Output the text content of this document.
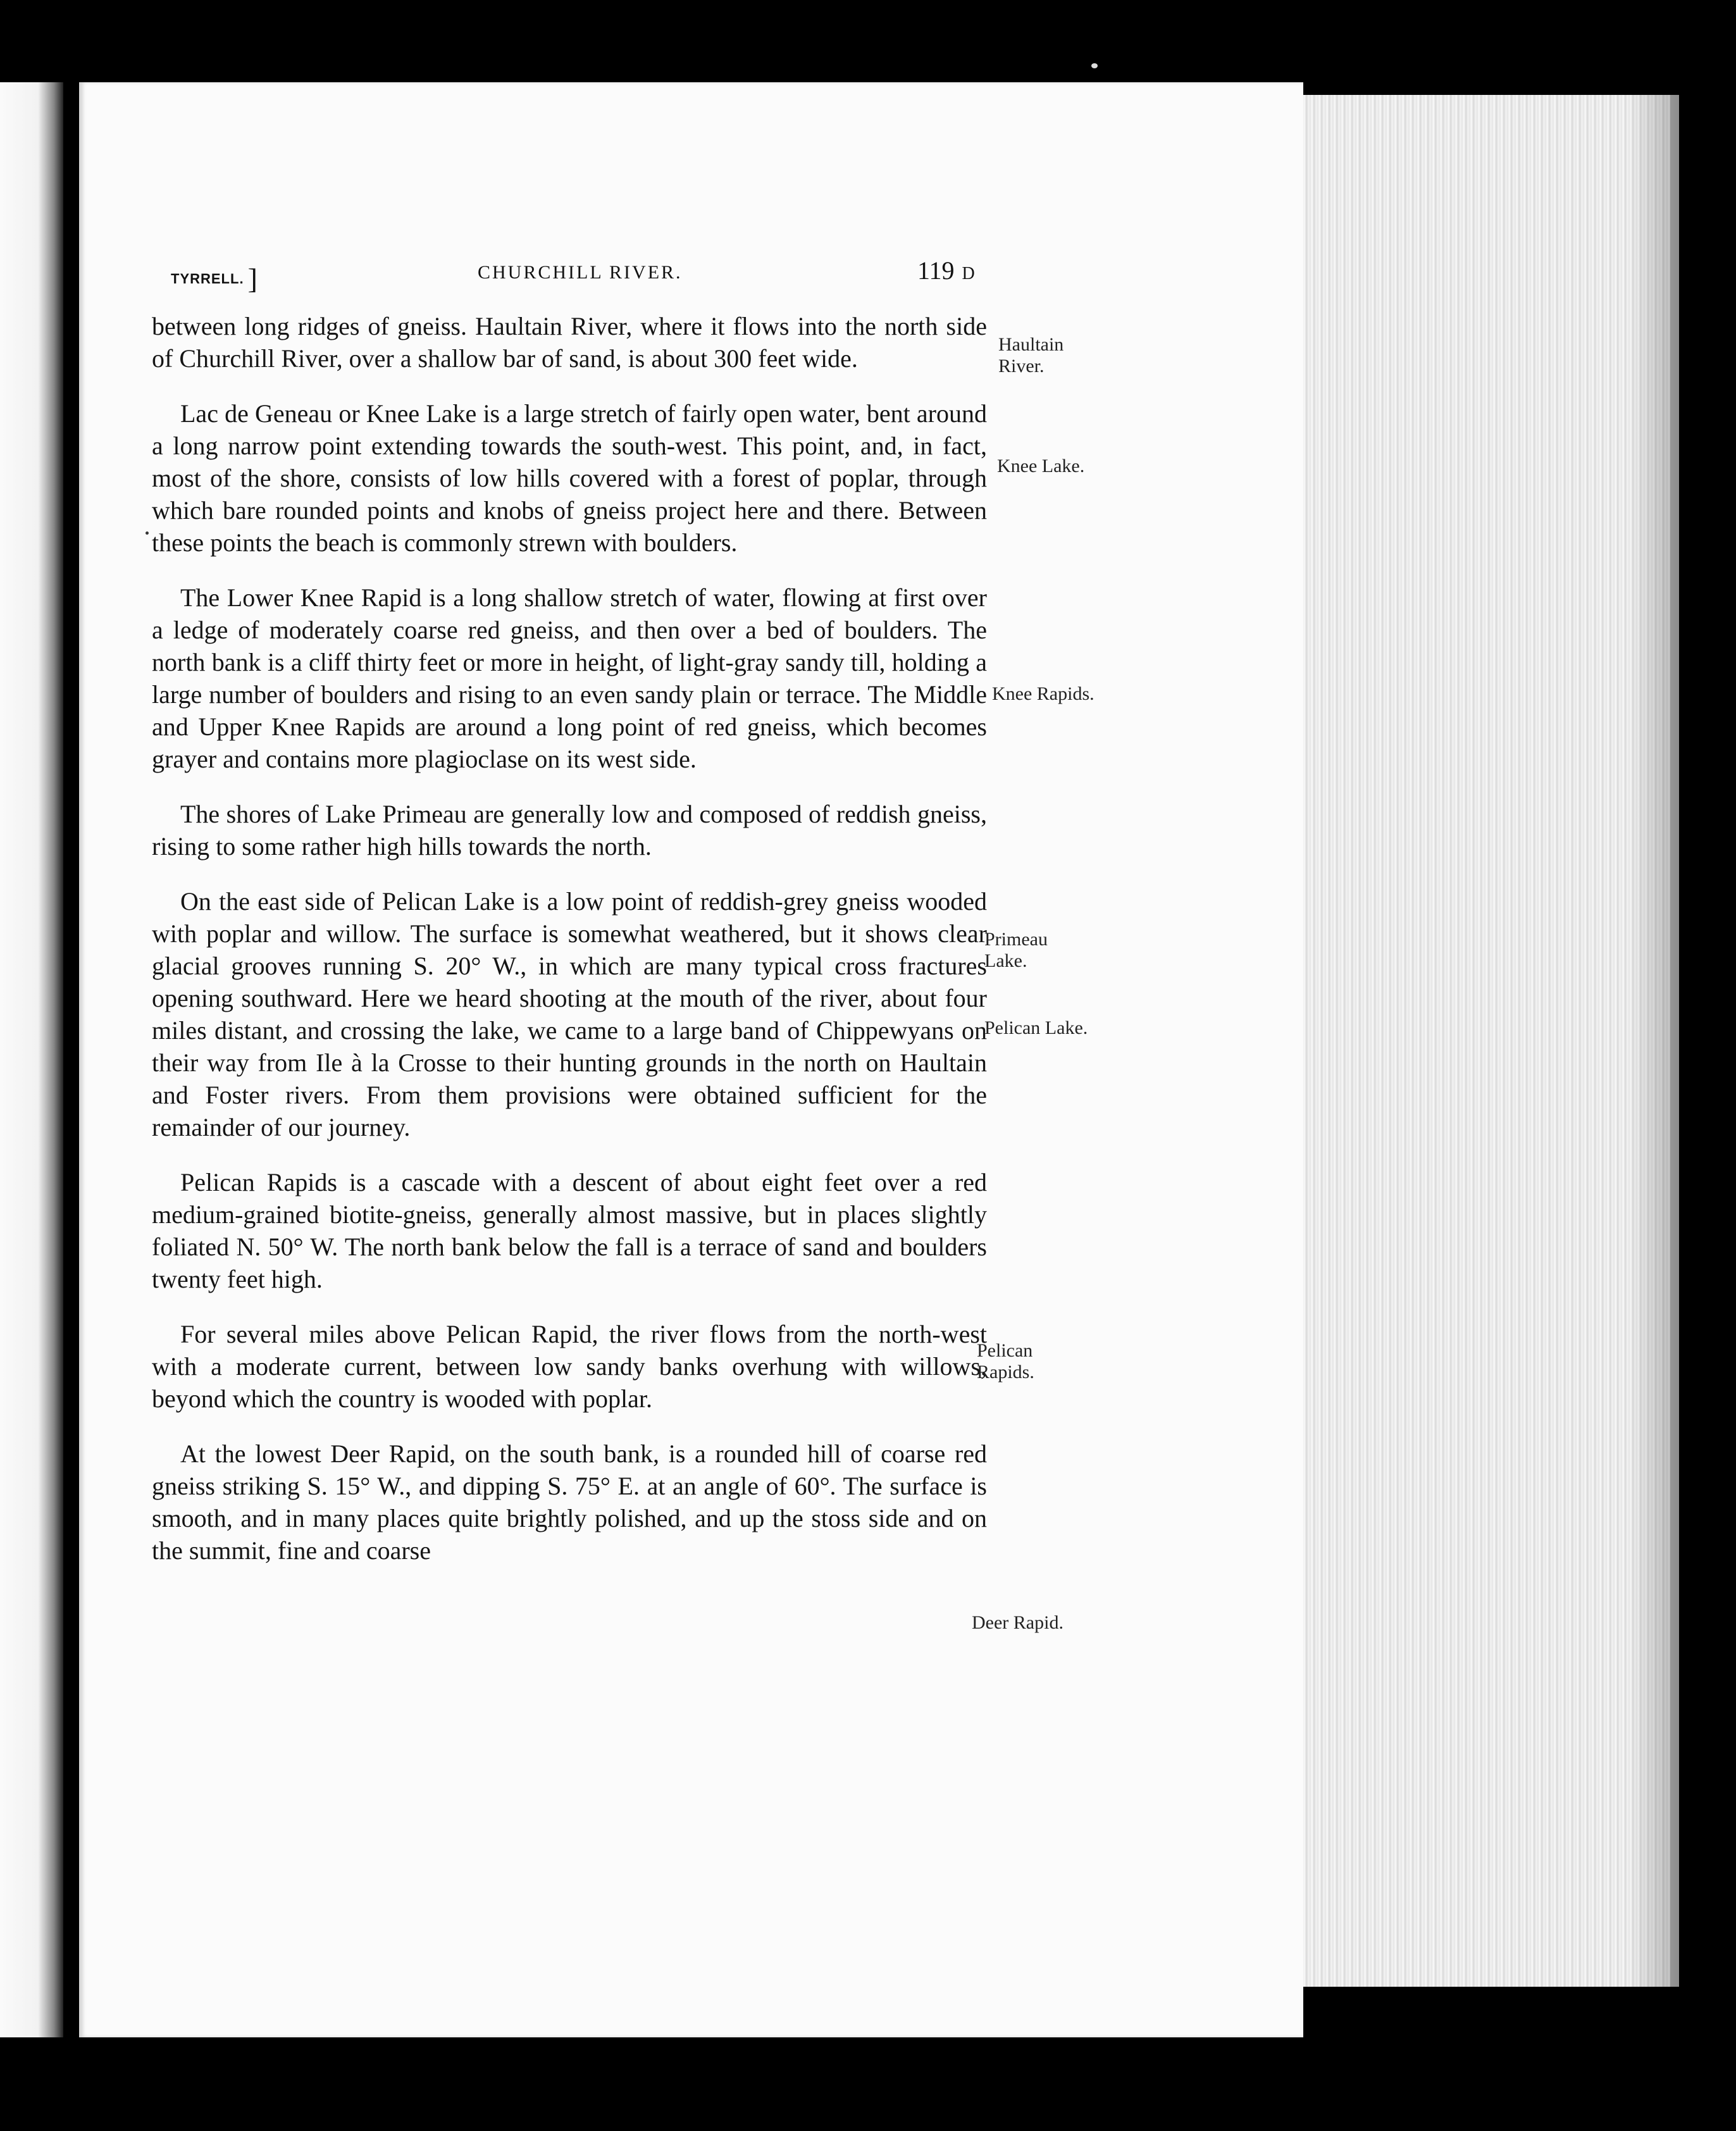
TYRRELL. ]	CHURCHILL RIVER.	119 D

between long ridges of gneiss. Haultain River, where it flows into the north side of Churchill River, over a shallow bar of sand, is about 300 feet wide.

Lac de Geneau or Knee Lake is a large stretch of fairly open water, bent around a long narrow point extending towards the south-west. This point, and, in fact, most of the shore, consists of low hills covered with a forest of poplar, through which bare rounded points and knobs of gneiss project here and there. Between these points the beach is commonly strewn with boulders.

The Lower Knee Rapid is a long shallow stretch of water, flowing at first over a ledge of moderately coarse red gneiss, and then over a bed of boulders. The north bank is a cliff thirty feet or more in height, of light-gray sandy till, holding a large number of boulders and rising to an even sandy plain or terrace. The Middle and Upper Knee Rapids are around a long point of red gneiss, which becomes grayer and contains more plagioclase on its west side.

The shores of Lake Primeau are generally low and composed of reddish gneiss, rising to some rather high hills towards the north.

On the east side of Pelican Lake is a low point of reddish-grey gneiss wooded with poplar and willow. The surface is somewhat weathered, but it shows clear glacial grooves running S. 20° W., in which are many typical cross fractures opening southward. Here we heard shooting at the mouth of the river, about four miles distant, and crossing the lake, we came to a large band of Chippewyans on their way from Ile à la Crosse to their hunting grounds in the north on Haultain and Foster rivers. From them provisions were obtained sufficient for the remainder of our journey.

Pelican Rapids is a cascade with a descent of about eight feet over a red medium-grained biotite-gneiss, generally almost massive, but in places slightly foliated N. 50° W. The north bank below the fall is a terrace of sand and boulders twenty feet high.

For several miles above Pelican Rapid, the river flows from the north-west with a moderate current, between low sandy banks overhung with willows, beyond which the country is wooded with poplar.

At the lowest Deer Rapid, on the south bank, is a rounded hill of coarse red gneiss striking S. 15° W., and dipping S. 75° E. at an angle of 60°. The surface is smooth, and in many places quite brightly polished, and up the stoss side and on the summit, fine and coarse

Haultain River.
Knee Lake.
Knee Rapids.
Primeau Lake.
Pelican Lake.
Pelican Rapids.
Deer Rapid.
